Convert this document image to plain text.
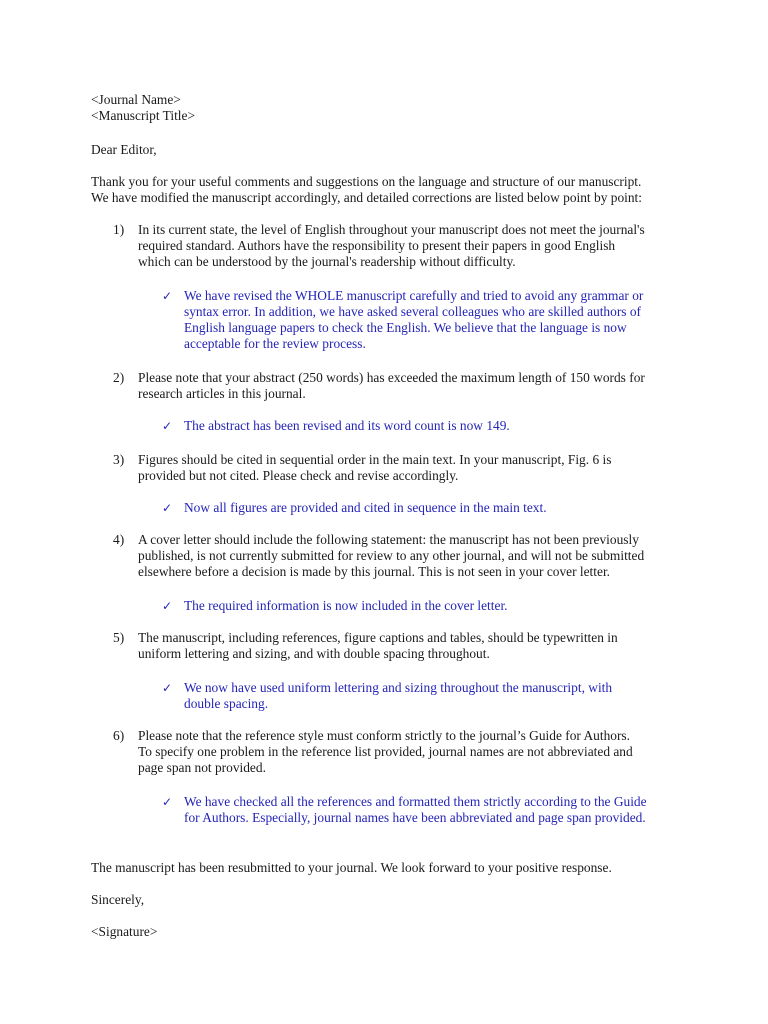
<Journal Name>
<Manuscript Title>
Dear Editor,
Thank you for your useful comments and suggestions on the language and structure of our manuscript.
We have modified the manuscript accordingly, and detailed corrections are listed below point by point:
1)	In its current state, the level of English throughout your manuscript does not meet the journal's
required standard. Authors have the responsibility to present their papers in good English
which can be understood by the journal's readership without difficulty.
✓ We have revised the WHOLE manuscript carefully and tried to avoid any grammar or
syntax error. In addition, we have asked several colleagues who are skilled authors of
English language papers to check the English. We believe that the language is now
acceptable for the review process.
2)	Please note that your abstract (250 words) has exceeded the maximum length of 150 words for
research articles in this journal.
✓ The abstract has been revised and its word count is now 149.
3)	Figures should be cited in sequential order in the main text. In your manuscript, Fig. 6 is
provided but not cited. Please check and revise accordingly.
✓ Now all figures are provided and cited in sequence in the main text.
4)	A cover letter should include the following statement: the manuscript has not been previously
published, is not currently submitted for review to any other journal, and will not be submitted
elsewhere before a decision is made by this journal. This is not seen in your cover letter.
✓ The required information is now included in the cover letter.
5)	The manuscript, including references, figure captions and tables, should be typewritten in
uniform lettering and sizing, and with double spacing throughout.
✓ We now have used uniform lettering and sizing throughout the manuscript, with
double spacing.
6)	Please note that the reference style must conform strictly to the journal’s Guide for Authors.
To specify one problem in the reference list provided, journal names are not abbreviated and
page span not provided.
✓ We have checked all the references and formatted them strictly according to the Guide
for Authors. Especially, journal names have been abbreviated and page span provided.
The manuscript has been resubmitted to your journal. We look forward to your positive response.
Sincerely,
<Signature>
